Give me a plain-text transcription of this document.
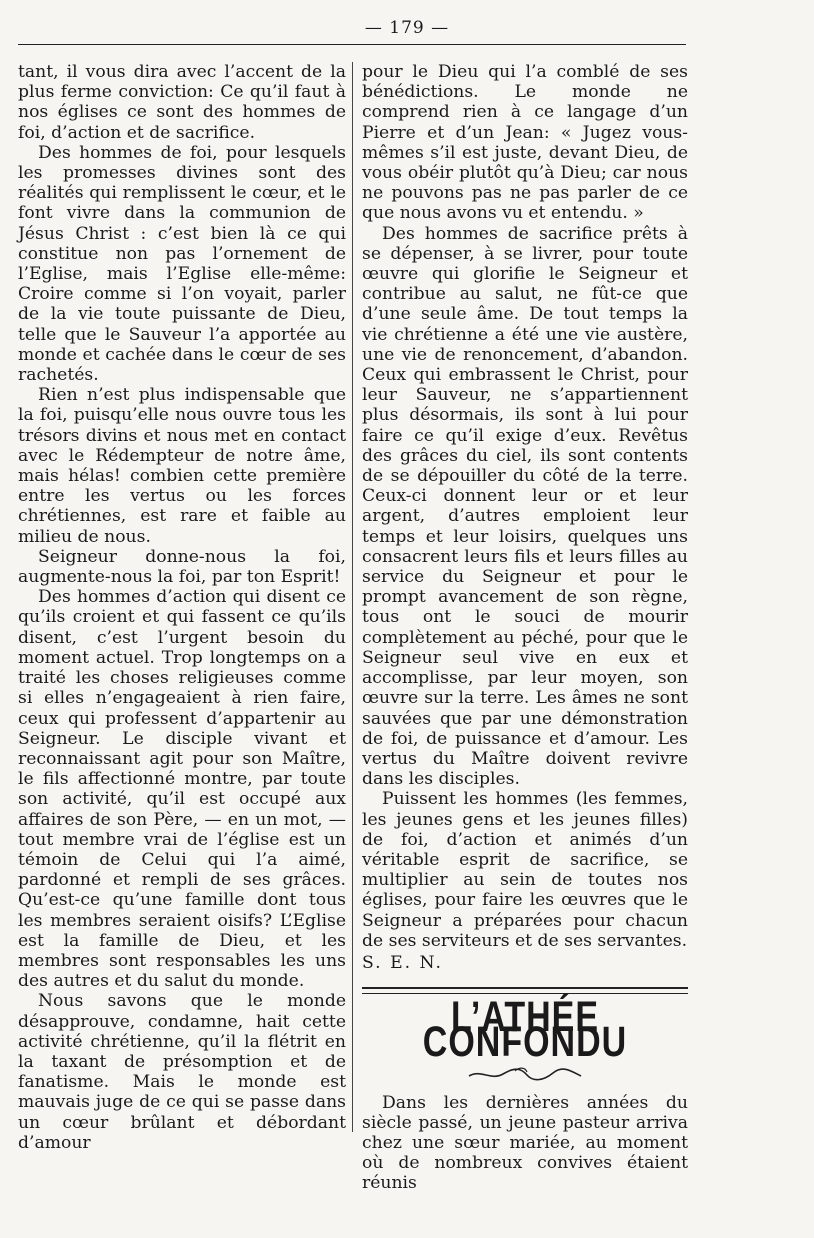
— 179 —

tant, il vous dira avec l’accent de la plus ferme conviction: Ce qu’il faut à nos églises ce sont des hommes de foi, d’action et de sacrifice.

Des hommes de foi, pour lesquels les promesses divines sont des réalités qui remplissent le cœur, et le font vivre dans la communion de Jésus Christ : c’est bien là ce qui constitue non pas l’ornement de l’Eglise, mais l’Eglise elle-même: Croire comme si l’on voyait, parler de la vie toute puissante de Dieu, telle que le Sauveur l’a apportée au monde et cachée dans le cœur de ses rachetés.

Rien n’est plus indispensable que la foi, puisqu’elle nous ouvre tous les trésors divins et nous met en contact avec le Rédempteur de notre âme, mais hélas! combien cette première entre les vertus ou les forces chrétiennes, est rare et faible au milieu de nous.

Seigneur donne-nous la foi, augmente-nous la foi, par ton Esprit!

Des hommes d’action qui disent ce qu’ils croient et qui fassent ce qu’ils disent, c’est l’urgent besoin du moment actuel. Trop longtemps on a traité les choses religieuses comme si elles n’engageaient à rien faire, ceux qui professent d’appartenir au Seigneur. Le disciple vivant et reconnaissant agit pour son Maître, le fils affectionné montre, par toute son activité, qu’il est occupé aux affaires de son Père, — en un mot, — tout membre vrai de l’église est un témoin de Celui qui l’a aimé, pardonné et rempli de ses grâces. Qu’est-ce qu’une famille dont tous les membres seraient oisifs? L’Eglise est la famille de Dieu, et les membres sont responsables les uns des autres et du salut du monde.

Nous savons que le monde désapprouve, condamne, hait cette activité chrétienne, qu’il la flétrit en la taxant de présomption et de fanatisme. Mais le monde est mauvais juge de ce qui se passe dans un cœur brûlant et débordant d’amour

pour le Dieu qui l’a comblé de ses bénédictions. Le monde ne comprend rien à ce langage d’un Pierre et d’un Jean: « Jugez vous-mêmes s’il est juste, devant Dieu, de vous obéir plutôt qu’à Dieu; car nous ne pouvons pas ne pas parler de ce que nous avons vu et entendu. »

Des hommes de sacrifice prêts à se dépenser, à se livrer, pour toute œuvre qui glorifie le Seigneur et contribue au salut, ne fût-ce que d’une seule âme. De tout temps la vie chrétienne a été une vie austère, une vie de renoncement, d’abandon. Ceux qui embrassent le Christ, pour leur Sauveur, ne s’appartiennent plus désormais, ils sont à lui pour faire ce qu’il exige d’eux. Revêtus des grâces du ciel, ils sont contents de se dépouiller du côté de la terre. Ceux-ci donnent leur or et leur argent, d’autres emploient leur temps et leur loisirs, quelques uns consacrent leurs fils et leurs filles au service du Seigneur et pour le prompt avancement de son règne, tous ont le souci de mourir complètement au péché, pour que le Seigneur seul vive en eux et accomplisse, par leur moyen, son œuvre sur la terre. Les âmes ne sont sauvées que par une démonstration de foi, de puissance et d’amour. Les vertus du Maître doivent revivre dans les disciples.

Puissent les hommes (les femmes, les jeunes gens et les jeunes filles) de foi, d’action et animés d’un véritable esprit de sacrifice, se multiplier au sein de toutes nos églises, pour faire les œuvres que le Seigneur a préparées pour chacun de ses serviteurs et de ses servantes.

S. E. N.

L’ATHÉE CONFONDU

Dans les dernières années du siècle passé, un jeune pasteur arriva chez une sœur mariée, au moment où de nombreux convives étaient réunis
